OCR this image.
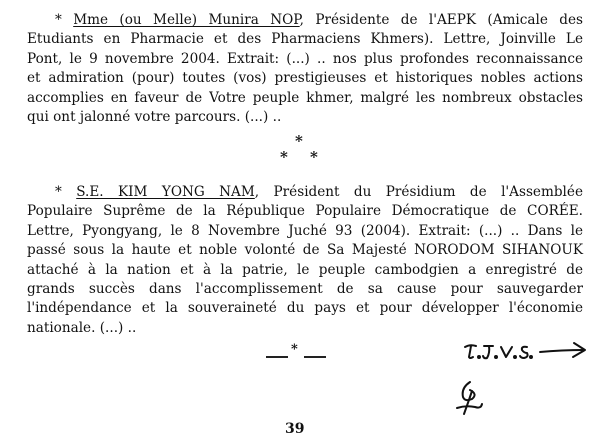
* Mme (ou Melle) Munira NOP, Présidente de l'AEPK (Amicale des
Etudiants en Pharmacie et des Pharmaciens Khmers). Lettre, Joinville Le
Pont, le 9 novembre 2004. Extrait: (...) .. nos plus profondes reconnaissance
et admiration (pour) toutes (vos) prestigieuses et historiques nobles actions
accomplies en faveur de Votre peuple khmer, malgré les nombreux obstacles
qui ont jalonné votre parcours. (...) ..

*
* *

* S.E. KIM YONG NAM, Président du Présidium de l'Assemblée
Populaire Suprême de la République Populaire Démocratique de CORÉE.
Lettre, Pyongyang, le 8 Novembre Juché 93 (2004). Extrait: (...) .. Dans le
passé sous la haute et noble volonté de Sa Majesté NORODOM SIHANOUK
attaché à la nation et à la patrie, le peuple cambodgien a enregistré de
grands succès dans l'accomplissement de sa cause pour sauvegarder
l'indépendance et la souveraineté du pays et pour développer l'économie
nationale. (...) ..

*
39
